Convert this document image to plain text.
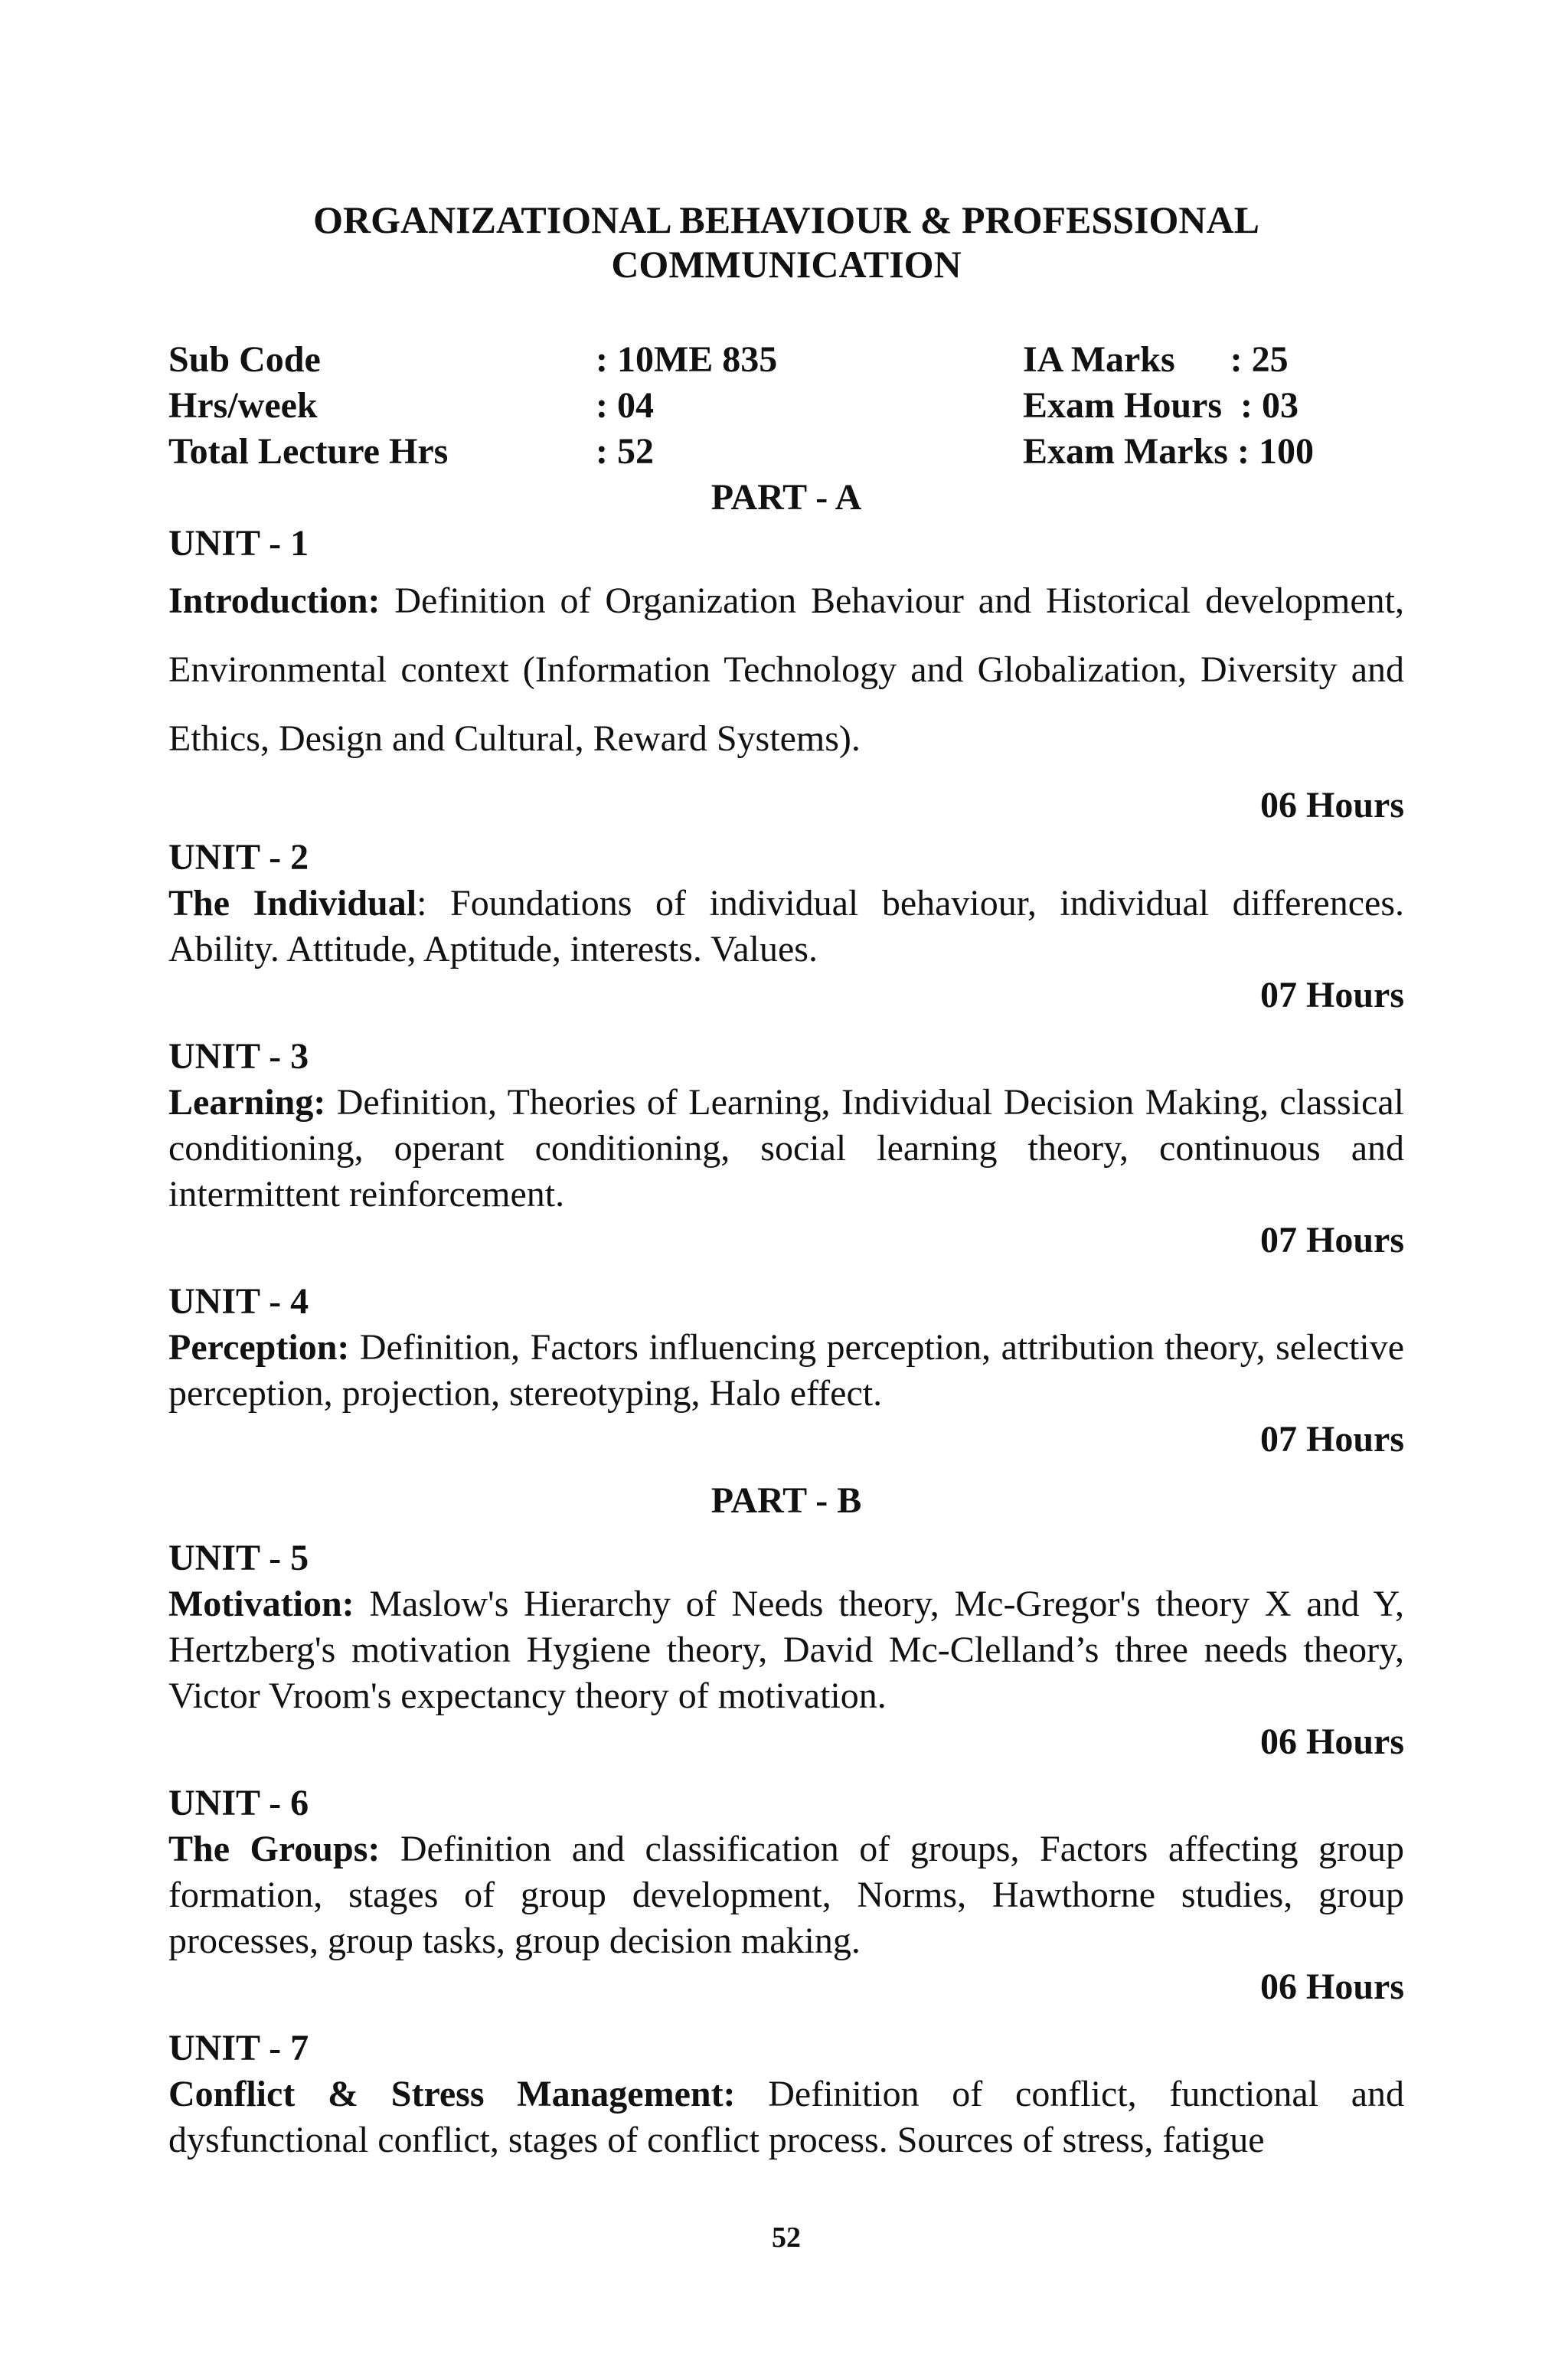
ORGANIZATIONAL BEHAVIOUR & PROFESSIONAL
COMMUNICATION
Sub Code	: 10ME 835	IA Marks      : 25
Hrs/week	: 04	Exam Hours  : 03
Total Lecture Hrs	: 52	Exam Marks : 100
PART - A
UNIT - 1
Introduction: Definition of Organization Behaviour and Historical development, Environmental context (Information Technology and Globalization, Diversity and Ethics, Design and Cultural, Reward Systems).
06 Hours
UNIT - 2
The Individual: Foundations of individual behaviour, individual differences. Ability. Attitude, Aptitude, interests. Values.
07 Hours
UNIT - 3
Learning: Definition, Theories of Learning, Individual Decision Making, classical conditioning, operant conditioning, social learning theory, continuous and intermittent reinforcement.
07 Hours
UNIT - 4
Perception: Definition, Factors influencing perception, attribution theory, selective perception, projection, stereotyping, Halo effect.
07 Hours
PART - B
UNIT - 5
Motivation: Maslow's Hierarchy of Needs theory, Mc-Gregor's theory X and Y, Hertzberg's motivation Hygiene theory, David Mc-Clelland’s three needs theory, Victor Vroom's expectancy theory of motivation.
06 Hours
UNIT - 6
The Groups: Definition and classification of groups, Factors affecting group formation, stages of group development, Norms, Hawthorne studies, group processes, group tasks, group decision making.
06 Hours
UNIT - 7
Conflict & Stress Management: Definition of conflict, functional and dysfunctional conflict, stages of conflict process. Sources of stress, fatigue
52
